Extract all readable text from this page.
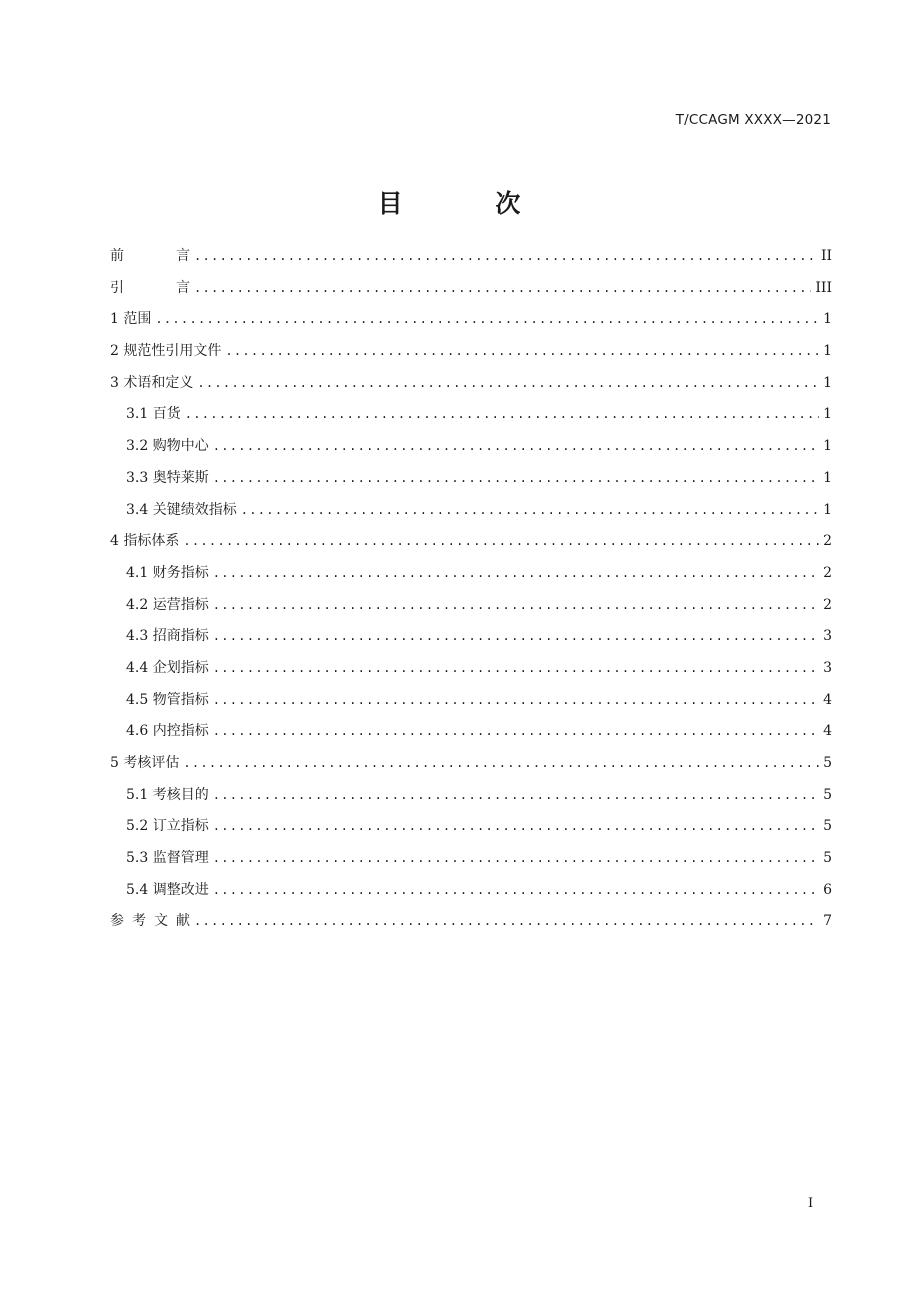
T/CCAGM XXXX—2021
目 次
前 言 .....	II
引 言 .....	III
1 范围 .....	1
2 规范性引用文件 .....	1
3 术语和定义 .....	1
3.1 百货 .....	1
3.2 购物中心 .....	1
3.3 奥特莱斯 .....	1
3.4 关键绩效指标 .....	1
4 指标体系 .....	2
4.1 财务指标 .....	2
4.2 运营指标 .....	2
4.3 招商指标 .....	3
4.4 企划指标 .....	3
4.5 物管指标 .....	4
4.6 内控指标 .....	4
5 考核评估 .....	5
5.1 考核目的 .....	5
5.2 订立指标 .....	5
5.3 监督管理 .....	5
5.4 调整改进 .....	6
参 考 文 献 .....	7
I
